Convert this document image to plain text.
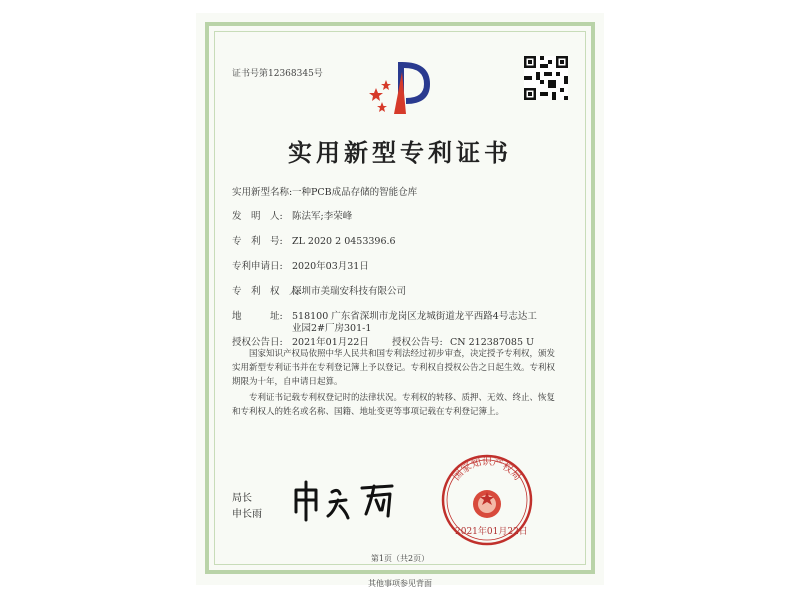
证书号第12368345号
实用新型专利证书
实用新型名称:一种PCB成品存储的智能仓库
发　明　人: 陈法军;李荣峰
专　利　号: ZL 2020 2 0453396.6
专利申请日: 2020年03月31日
专　利　权　人:深圳市美瑞安科技有限公司
地　　　址: 518100 广东省深圳市龙岗区龙城街道龙平西路4号志达工
业园2#厂房301-1
授权公告日: 2021年01月22日 授权公告号: CN 212387085 U

国家知识产权局依照中华人民共和国专利法经过初步审查，决定授予专利权，颁发实用新型专利证书并在专利登记簿上予以登记。专利权自授权公告之日起生效。专利权期限为十年，自申请日起算。

专利证书记载专利权登记时的法律状况。专利权的转移、质押、无效、终止、恢复和专利权人的姓名或名称、国籍、地址变更等事项记载在专利登记簿上。

局长
申长雨
国家知识产权局
2021年01月22日
第1页（共2页）
其他事项参见背面
